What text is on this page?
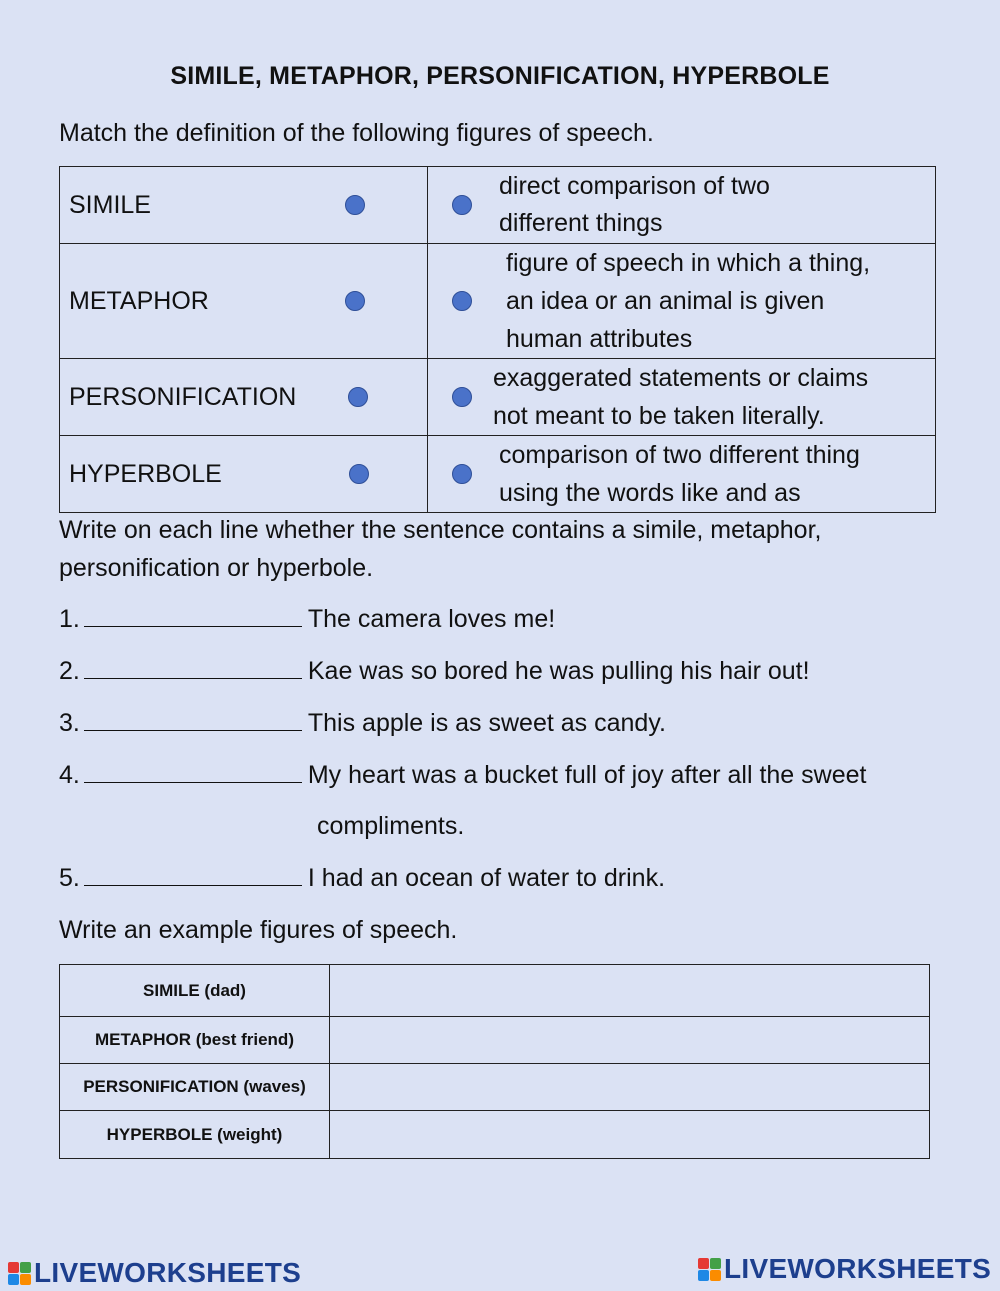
SIMILE, METAPHOR, PERSONIFICATION, HYPERBOLE
Match the definition of the following figures of speech.
SIMILE	direct comparison of two
different things

METAPHOR	figure of speech in which a thing,
an idea or an animal is given
human attributes

PERSONIFICATION	exaggerated statements or claims
not meant to be taken literally.

HYPERBOLE	comparison of two different thing
using the words like and as
Write on each line whether the sentence contains a simile, metaphor,
personification or hyperbole.
1.	The camera loves me!
2.	Kae was so bored he was pulling his hair out!
3.	This apple is as sweet as candy.
4.	My heart was a bucket full of joy after all the sweet
compliments.
5.	I had an ocean of water to drink.
Write an example figures of speech.
SIMILE (dad)	
METAPHOR (best friend)	
PERSONIFICATION (waves)	
HYPERBOLE (weight)	
LIVEWORKSHEETS	LIVEWORKSHEETS
